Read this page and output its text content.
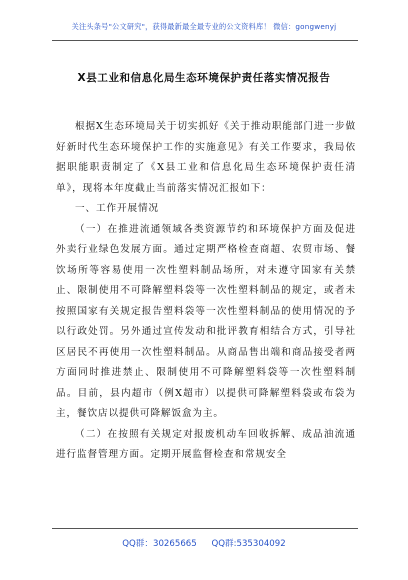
关注头条号"公文研究"，获得最新最全最专业的公文资料库！ 微信：gongwenyj
X县工业和信息化局生态环境保护责任落实情况报告

根据X生态环境局关于切实抓好《关于推动职能部门进一步做好新时代生态环境保护工作的实施意见》有关工作要求，我局依据职能职责制定了《X县工业和信息化局生态环境保护责任清单》，现将本年度截止当前落实情况汇报如下：

一、工作开展情况

（一）在推进流通领域各类资源节约和环境保护方面及促进外卖行业绿色发展方面。通过定期严格检查商超、农贸市场、餐饮场所等容易使用一次性塑料制品场所，对未遵守国家有关禁止、限制使用不可降解塑料袋等一次性塑料制品的规定，或者未按照国家有关规定报告塑料袋等一次性塑料制品的使用情况的予以行政处罚。另外通过宣传发动和批评教育相结合方式，引导社区居民不再使用一次性塑料制品。从商品售出端和商品接受者两方面同时推进禁止、限制使用不可降解塑料袋等一次性塑料制品。目前，县内超市（例X超市）以提供可降解塑料袋或布袋为主，餐饮店以提供可降解饭盒为主。

（二）在按照有关规定对报废机动车回收拆解、成品油流通进行监督管理方面。定期开展监督检查和常规安全

QQ群：30265665 QQ群:535304092
